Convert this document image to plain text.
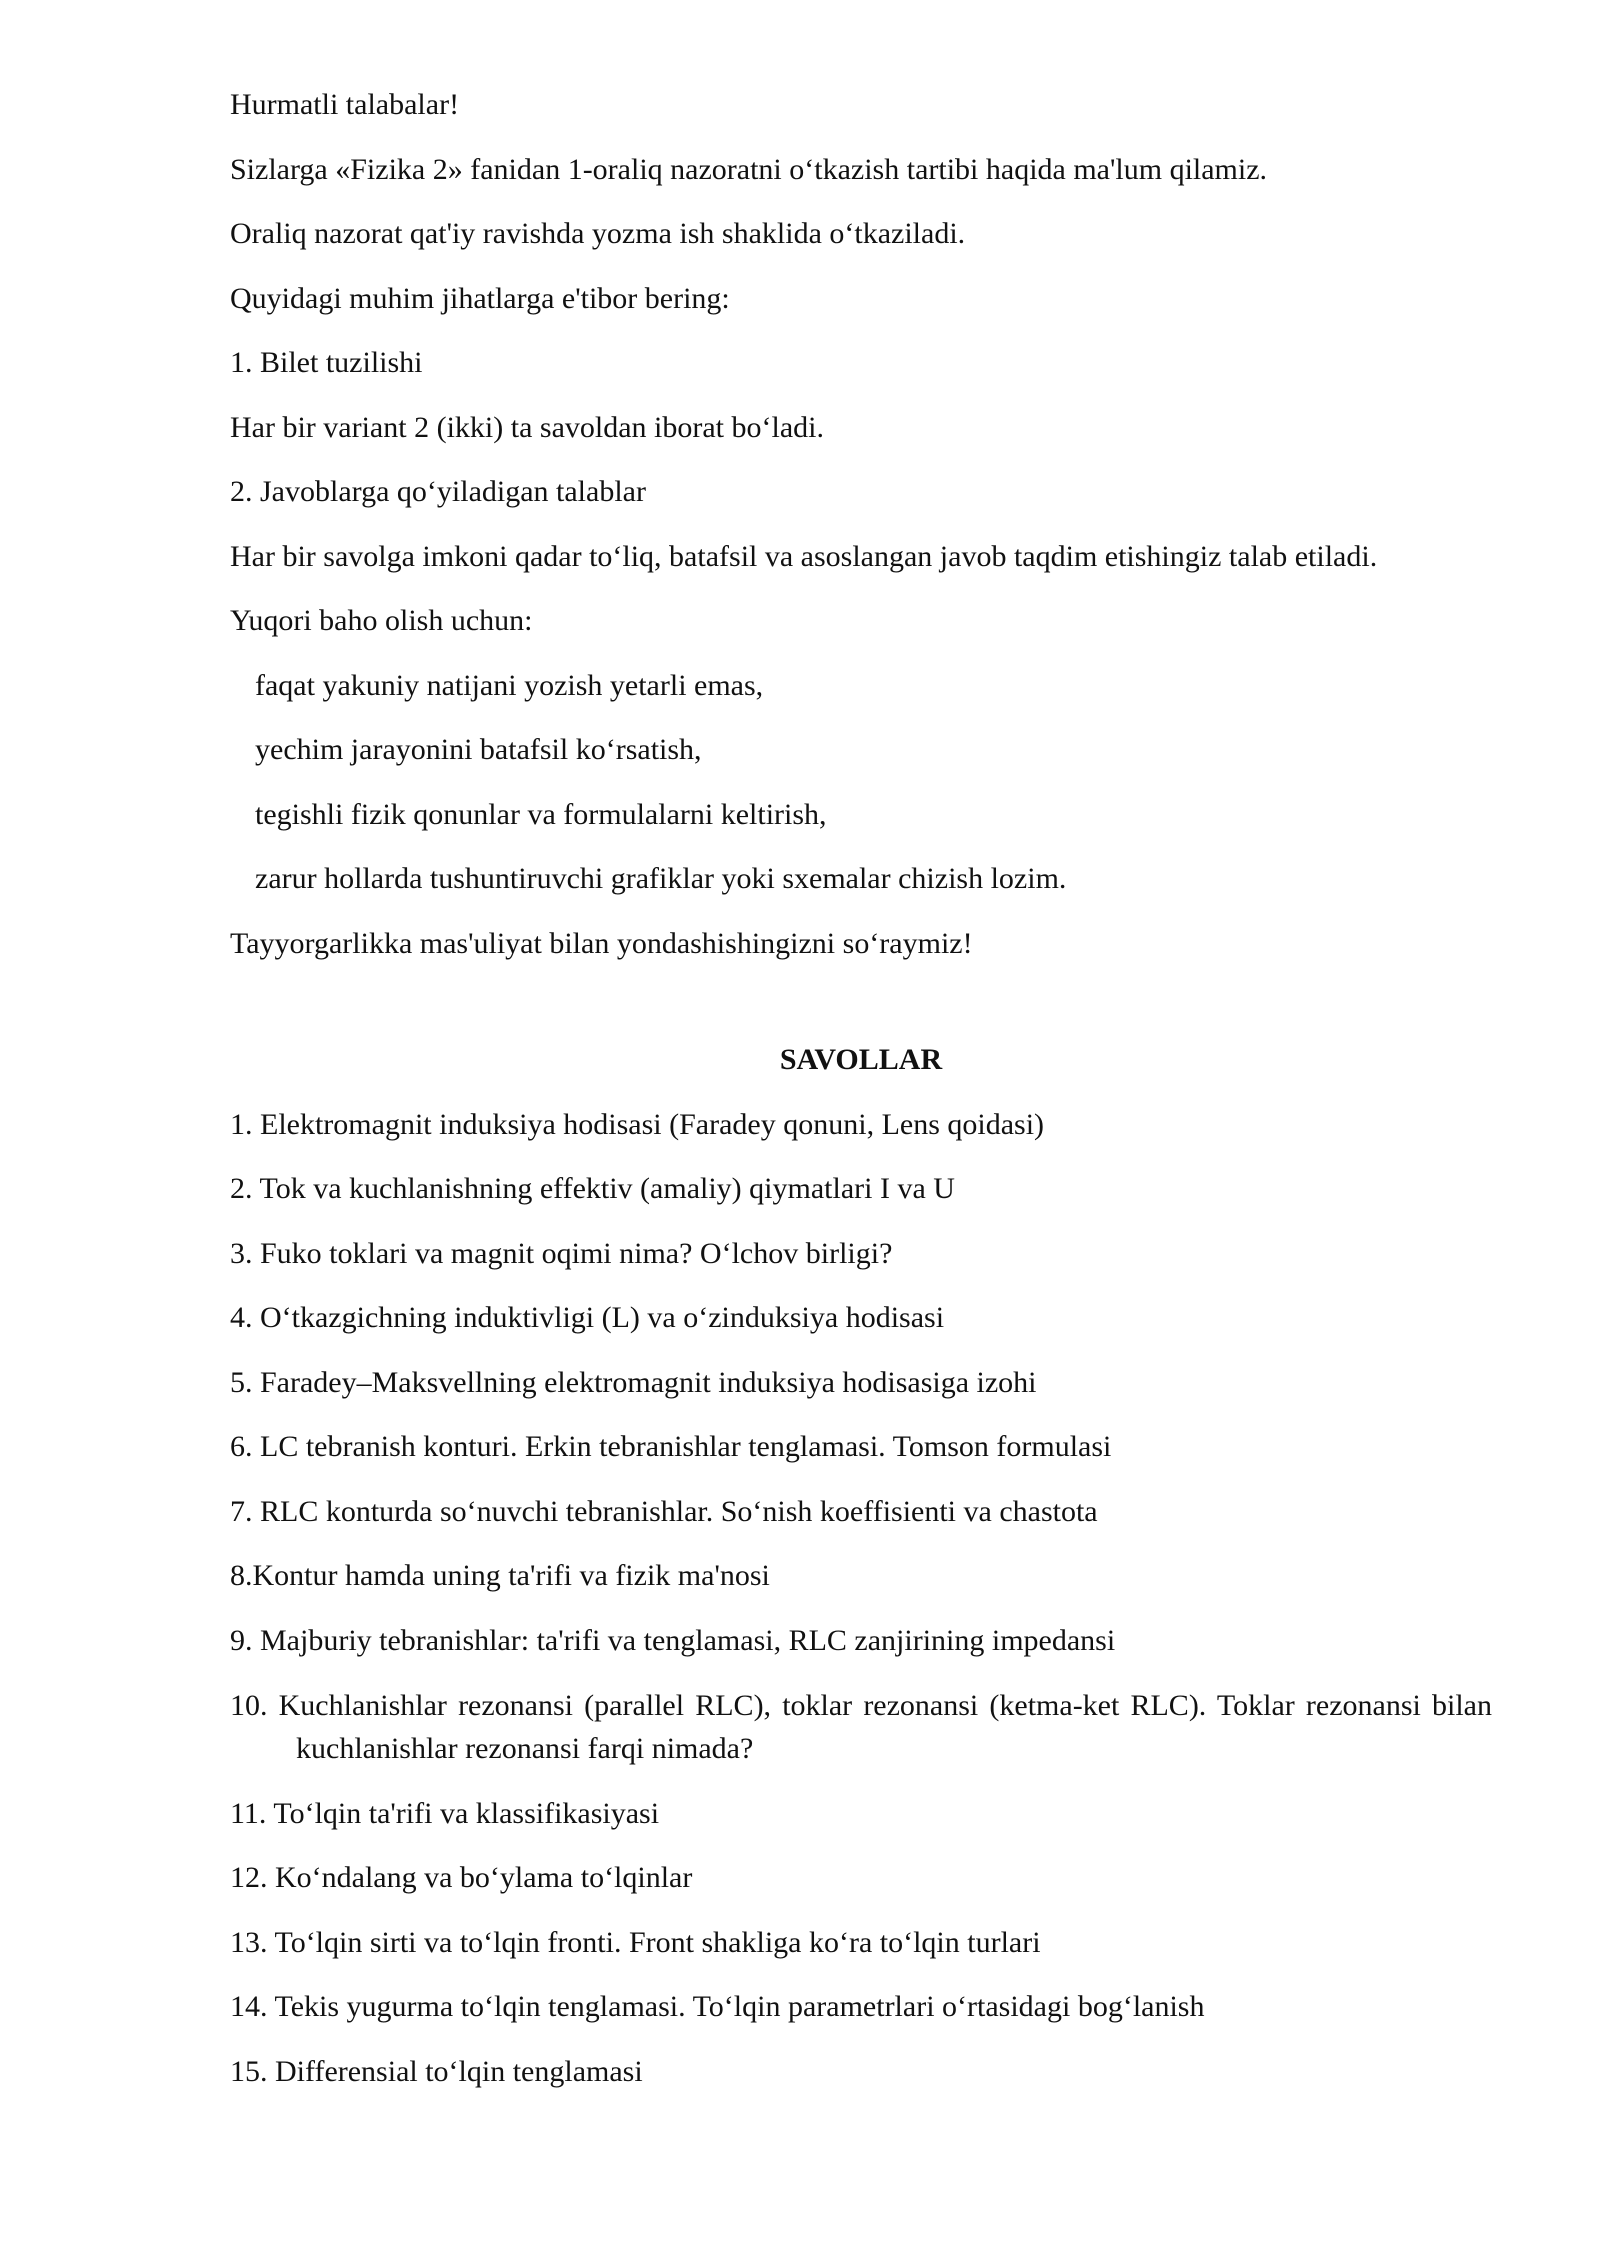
Hurmatli talabalar!
Sizlarga «Fizika 2» fanidan 1-oraliq nazoratni o‘tkazish tartibi haqida ma'lum qilamiz.
Oraliq nazorat qat'iy ravishda yozma ish shaklida o‘tkaziladi.
Quyidagi muhim jihatlarga e'tibor bering:
1. Bilet tuzilishi
Har bir variant 2 (ikki) ta savoldan iborat bo‘ladi.
2. Javoblarga qo‘yiladigan talablar
Har bir savolga imkoni qadar to‘liq, batafsil va asoslangan javob taqdim etishingiz talab etiladi.
Yuqori baho olish uchun:
faqat yakuniy natijani yozish yetarli emas,
yechim jarayonini batafsil ko‘rsatish,
tegishli fizik qonunlar va formulalarni keltirish,
zarur hollarda tushuntiruvchi grafiklar yoki sxemalar chizish lozim.
Tayyorgarlikka mas'uliyat bilan yondashishingizni so‘raymiz!
SAVOLLAR
1. Elektromagnit induksiya hodisasi (Faradey qonuni, Lens qoidasi)
2. Tok va kuchlanishning effektiv (amaliy) qiymatlari I va U
3. Fuko toklari va magnit oqimi nima? O‘lchov birligi?
4. O‘tkazgichning induktivligi (L) va o‘zinduksiya hodisasi
5. Faradey–Maksvellning elektromagnit induksiya hodisasiga izohi
6. LC tebranish konturi. Erkin tebranishlar tenglamasi. Tomson formulasi
7. RLC konturda so‘nuvchi tebranishlar. So‘nish koeffisienti va chastota
8.Kontur hamda uning ta'rifi va fizik ma'nosi
9. Majburiy tebranishlar: ta'rifi va tenglamasi, RLC zanjirining impedansi
10. Kuchlanishlar rezonansi (parallel RLC), toklar rezonansi (ketma-ket RLC). Toklar rezonansi bilan kuchlanishlar rezonansi farqi nimada?
11. To‘lqin ta'rifi va klassifikasiyasi
12. Ko‘ndalang va bo‘ylama to‘lqinlar
13. To‘lqin sirti va to‘lqin fronti. Front shakliga ko‘ra to‘lqin turlari
14. Tekis yugurma to‘lqin tenglamasi. To‘lqin parametrlari o‘rtasidagi bog‘lanish
15. Differensial to‘lqin tenglamasi
